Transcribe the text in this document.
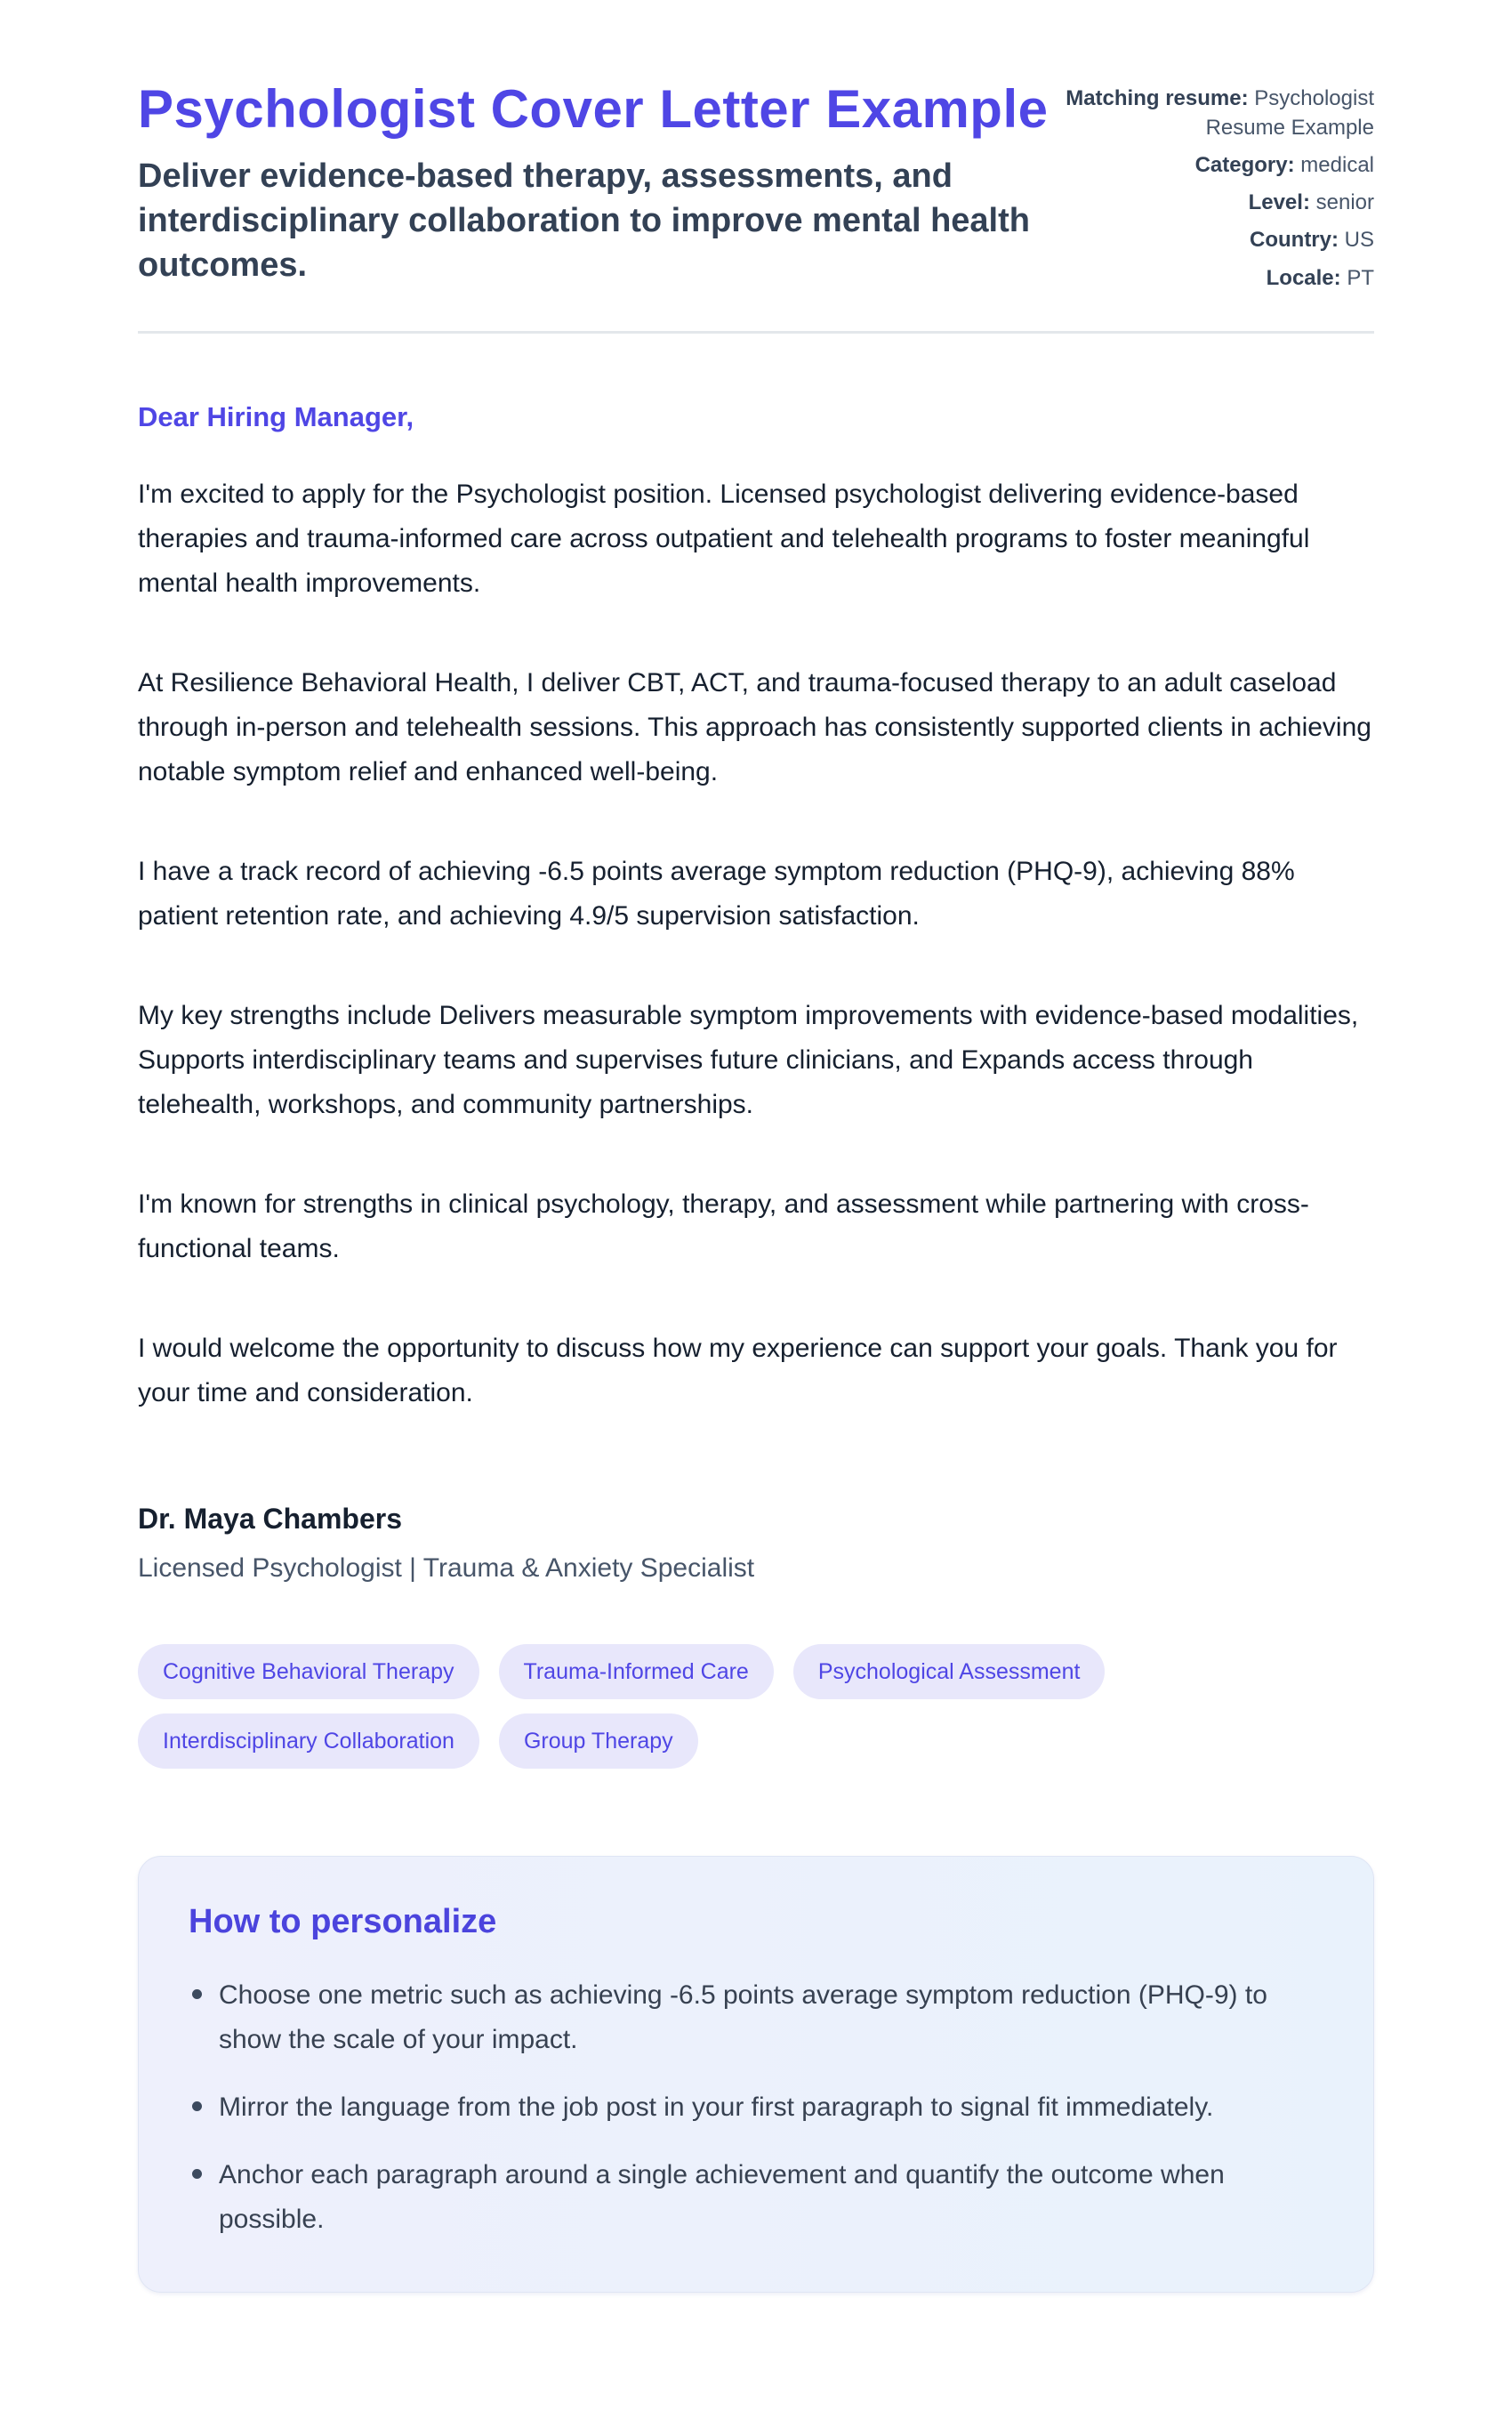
Psychologist Cover Letter Example
Deliver evidence-based therapy, assessments, and interdisciplinary collaboration to improve mental health outcomes.
Matching resume: Psychologist Resume Example
Category: medical
Level: senior
Country: US
Locale: PT
Dear Hiring Manager,

I'm excited to apply for the Psychologist position. Licensed psychologist delivering evidence-based therapies and trauma-informed care across outpatient and telehealth programs to foster meaningful mental health improvements.

At Resilience Behavioral Health, I deliver CBT, ACT, and trauma-focused therapy to an adult caseload through in-person and telehealth sessions. This approach has consistently supported clients in achieving notable symptom relief and enhanced well-being.

I have a track record of achieving -6.5 points average symptom reduction (PHQ-9), achieving 88% patient retention rate, and achieving 4.9/5 supervision satisfaction.

My key strengths include Delivers measurable symptom improvements with evidence-based modalities, Supports interdisciplinary teams and supervises future clinicians, and Expands access through telehealth, workshops, and community partnerships.

I'm known for strengths in clinical psychology, therapy, and assessment while partnering with cross-functional teams.

I would welcome the opportunity to discuss how my experience can support your goals. Thank you for your time and consideration.

Dr. Maya Chambers
Licensed Psychologist | Trauma & Anxiety Specialist
Cognitive Behavioral Therapy	Trauma-Informed Care	Psychological Assessment
Interdisciplinary Collaboration	Group Therapy
How to personalize
Choose one metric such as achieving -6.5 points average symptom reduction (PHQ-9) to show the scale of your impact.
Mirror the language from the job post in your first paragraph to signal fit immediately.
Anchor each paragraph around a single achievement and quantify the outcome when possible.
